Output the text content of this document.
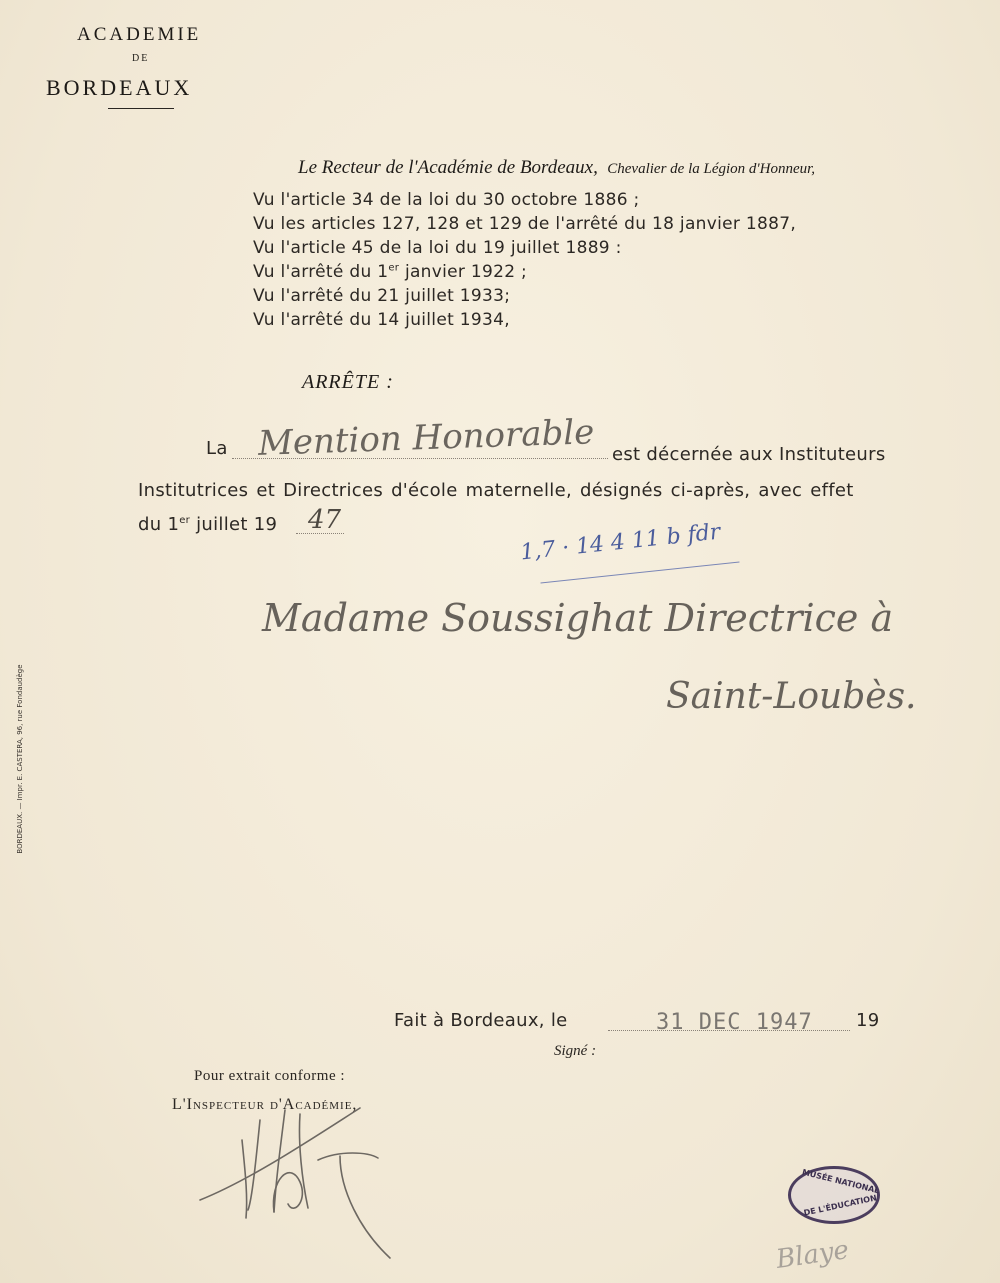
ACADEMIE
DE
BORDEAUX
Le Recteur de l'Académie de Bordeaux, Chevalier de la Légion d'Honneur,
Vu l'article 34 de la loi du 30 octobre 1886 ;
Vu les articles 127, 128 et 129 de l'arrêté du 18 janvier 1887,
Vu l'article 45 de la loi du 19 juillet 1889 :
Vu l'arrêté du 1er janvier 1922 ;
Vu l'arrêté du 21 juillet 1933;
Vu l'arrêté du 14 juillet 1934,
ARRÊTE :
La Mention Honorable est décernée aux Instituteurs
Institutrices et Directrices d'école maternelle, désignés ci-après, avec effet
du 1er juillet 19 47	1,7 · 14 4 11 b fdr
Madame Soussighat Directrice à
Saint-Loubès.
BORDEAUX. — Impr. E. CASTERA, 96, rue Fondaudège
Fait à Bordeaux, le	31 DEC 1947 19
Signé :
Pour extrait conforme :
L'Inspecteur d'Académie,
MUSÉE NATIONAL
DE L'ÉDUCATION
Blaye
